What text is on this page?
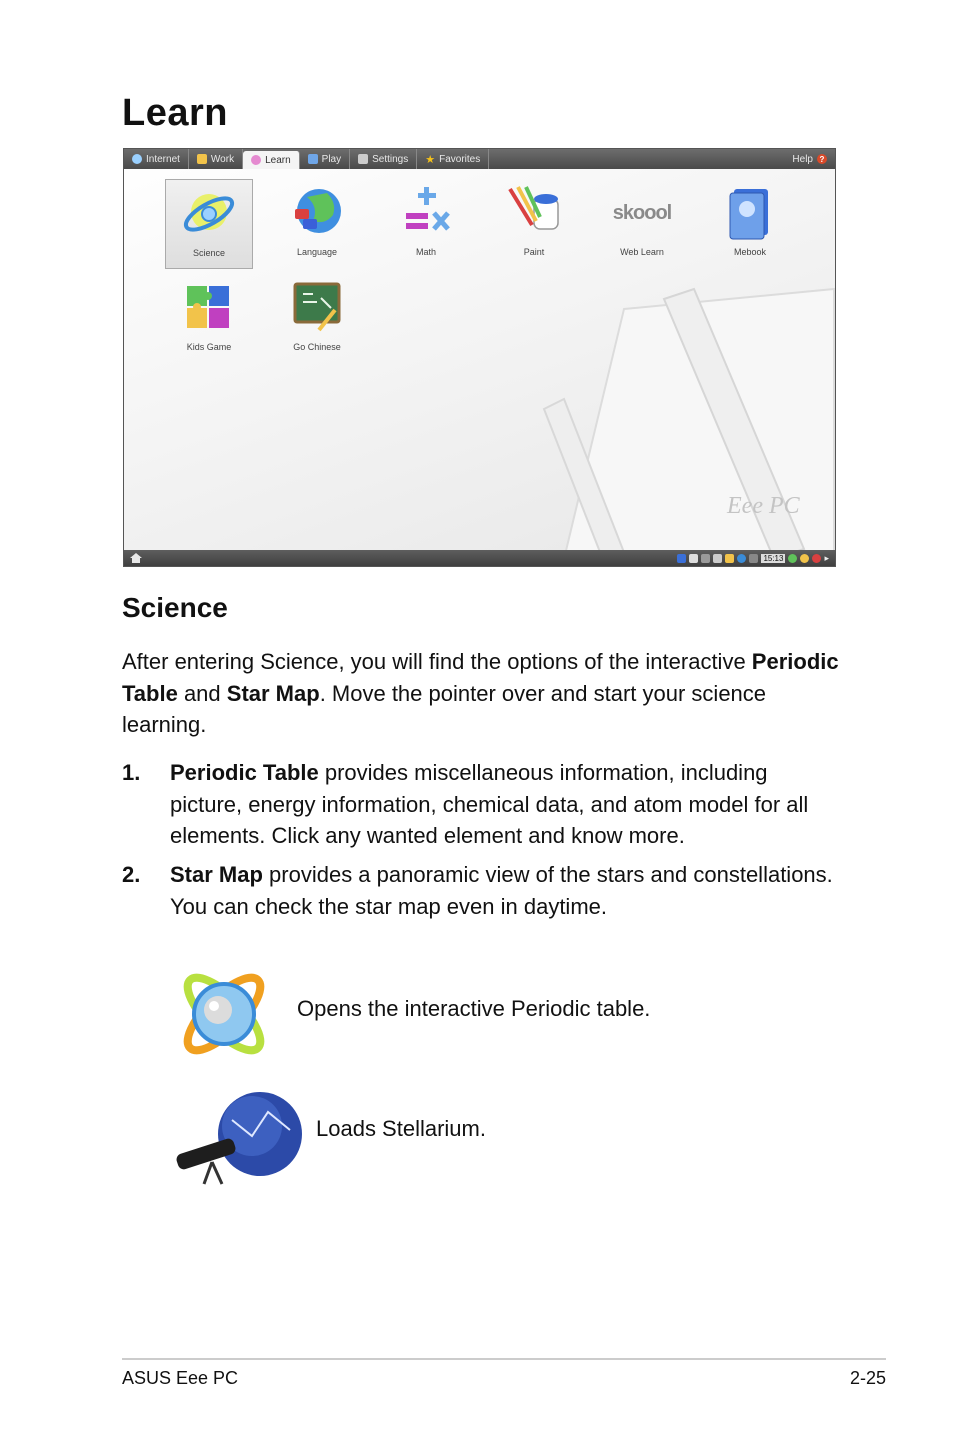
Learn
Internet	Work	Learn	Play	Settings ★ Favorites	Help ?
Eee PC
Science	Language	Math	Paint
skoool
Web Learn	Mebook
Kids Game	Go Chinese
15:13	▸
Science

After entering Science, you will find the options of the interactive Periodic Table and Star Map. Move the pointer over and start your science learning.

1.	Periodic Table provides miscellaneous information, including picture, energy information, chemical data, and atom model for all elements. Click any wanted element and know more.
2.	Star Map provides a panoramic view of the stars and constellations. You can check the star map even in daytime.
Opens the interactive Periodic table.
Loads Stellarium.
ASUS Eee PC	2-25
